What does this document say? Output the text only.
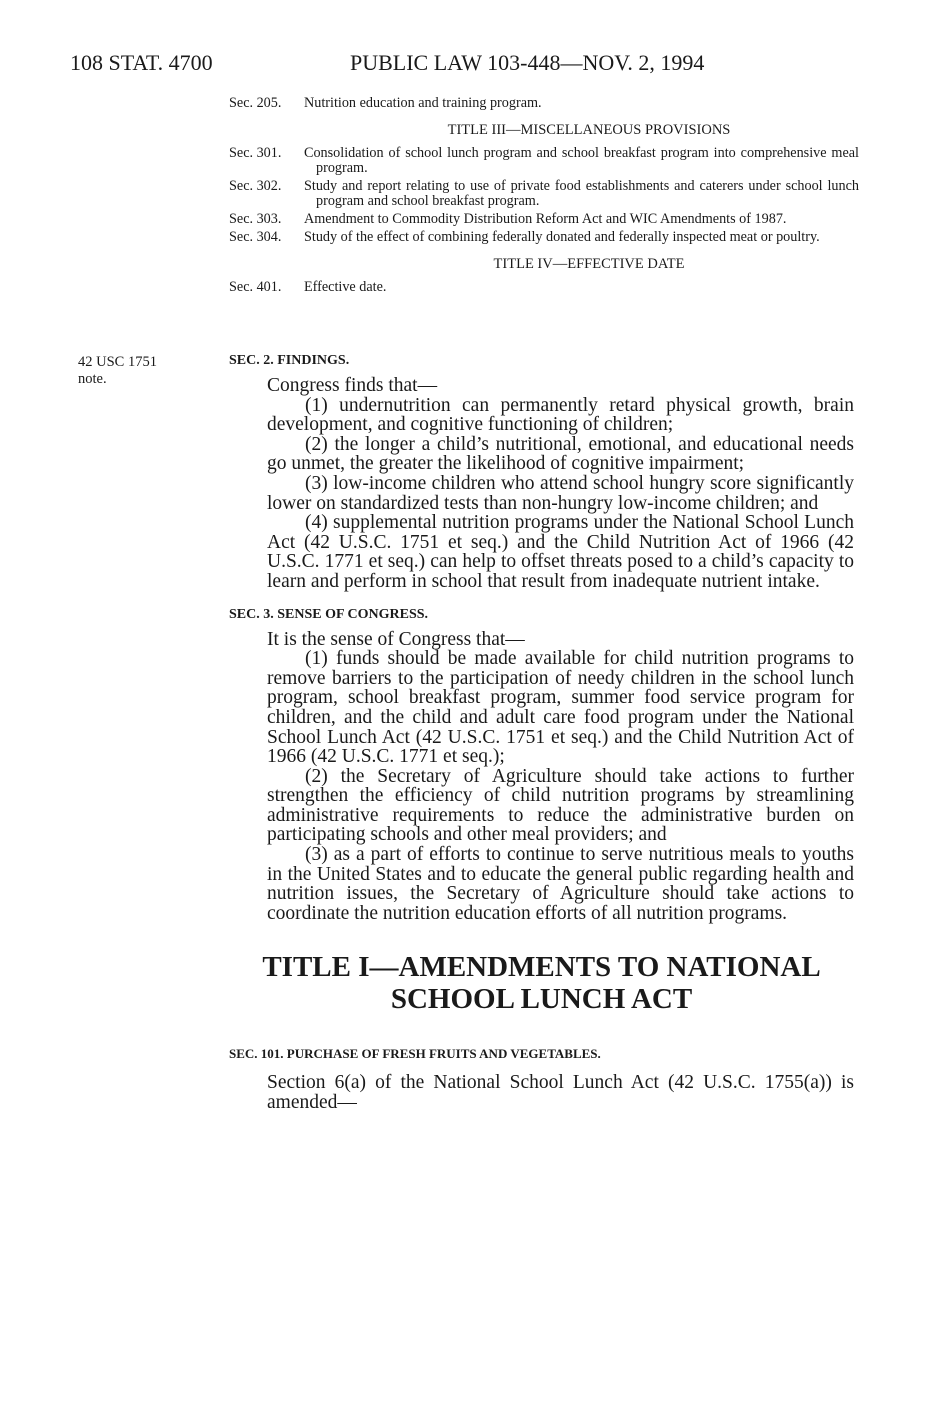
108 STAT. 4700	PUBLIC LAW 103-448—NOV. 2, 1994
Sec. 205.	Nutrition education and training program.
TITLE III—MISCELLANEOUS PROVISIONS
Sec. 301.	Consolidation of school lunch program and school breakfast program into comprehensive meal program.
Sec. 302.	Study and report relating to use of private food establishments and caterers under school lunch program and school breakfast program.
Sec. 303.	Amendment to Commodity Distribution Reform Act and WIC Amendments of 1987.
Sec. 304.	Study of the effect of combining federally donated and federally inspected meat or poultry.
TITLE IV—EFFECTIVE DATE
Sec. 401.	Effective date.
42 USC 1751
note.

SEC. 2. FINDINGS.

Congress finds that—

(1) undernutrition can permanently retard physical growth, brain development, and cognitive functioning of children;

(2) the longer a child’s nutritional, emotional, and educational needs go unmet, the greater the likelihood of cognitive impairment;

(3) low-income children who attend school hungry score significantly lower on standardized tests than non-hungry low-income children; and

(4) supplemental nutrition programs under the National School Lunch Act (42 U.S.C. 1751 et seq.) and the Child Nutrition Act of 1966 (42 U.S.C. 1771 et seq.) can help to offset threats posed to a child’s capacity to learn and perform in school that result from inadequate nutrient intake.

SEC. 3. SENSE OF CONGRESS.

It is the sense of Congress that—

(1) funds should be made available for child nutrition programs to remove barriers to the participation of needy children in the school lunch program, school breakfast program, summer food service program for children, and the child and adult care food program under the National School Lunch Act (42 U.S.C. 1751 et seq.) and the Child Nutrition Act of 1966 (42 U.S.C. 1771 et seq.);

(2) the Secretary of Agriculture should take actions to further strengthen the efficiency of child nutrition programs by streamlining administrative requirements to reduce the administrative burden on participating schools and other meal providers; and

(3) as a part of efforts to continue to serve nutritious meals to youths in the United States and to educate the general public regarding health and nutrition issues, the Secretary of Agriculture should take actions to coordinate the nutrition education efforts of all nutrition programs.

TITLE I—AMENDMENTS TO NATIONAL
SCHOOL LUNCH ACT

SEC. 101. PURCHASE OF FRESH FRUITS AND VEGETABLES.

Section 6(a) of the National School Lunch Act (42 U.S.C. 1755(a)) is amended—
